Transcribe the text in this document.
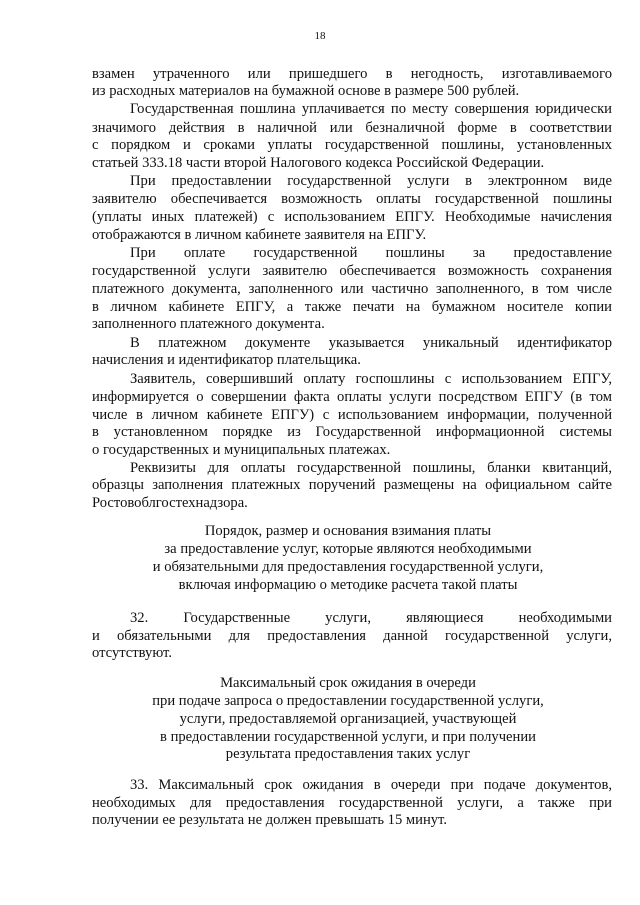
18
взамен утраченного или пришедшего в негодность, изготавливаемого
из расходных материалов на бумажной основе в размере 500 рублей.
Государственная пошлина уплачивается по месту совершения юридически
значимого действия в наличной или безналичной форме в соответствии
с порядком и сроками уплаты государственной пошлины, установленных
статьей 333.18 части второй Налогового кодекса Российской Федерации.
При предоставлении государственной услуги в электронном виде
заявителю обеспечивается возможность оплаты государственной пошлины
(уплаты иных платежей) с использованием ЕПГУ. Необходимые начисления
отображаются в личном кабинете заявителя на ЕПГУ.
При оплате государственной пошлины за предоставление
государственной услуги заявителю обеспечивается возможность сохранения
платежного документа, заполненного или частично заполненного, в том числе
в личном кабинете ЕПГУ, а также печати на бумажном носителе копии
заполненного платежного документа.
В платежном документе указывается уникальный идентификатор
начисления и идентификатор плательщика.
Заявитель, совершивший оплату госпошлины с использованием ЕПГУ,
информируется о совершении факта оплаты услуги посредством ЕПГУ (в том
числе в личном кабинете ЕПГУ) с использованием информации, полученной
в установленном порядке из Государственной информационной системы
о государственных и муниципальных платежах.
Реквизиты для оплаты государственной пошлины, бланки квитанций,
образцы заполнения платежных поручений размещены на официальном сайте
Ростовоблгостехнадзора.
Порядок, размер и основания взимания платы
за предоставление услуг, которые являются необходимыми
и обязательными для предоставления государственной услуги,
включая информацию о методике расчета такой платы
32. Государственные услуги, являющиеся необходимыми
и обязательными для предоставления данной государственной услуги,
отсутствуют.
Максимальный срок ожидания в очереди
при подаче запроса о предоставлении государственной услуги,
услуги, предоставляемой организацией, участвующей
в предоставлении государственной услуги, и при получении
результата предоставления таких услуг
33. Максимальный срок ожидания в очереди при подаче документов,
необходимых для предоставления государственной услуги, а также при
получении ее результата не должен превышать 15 минут.
